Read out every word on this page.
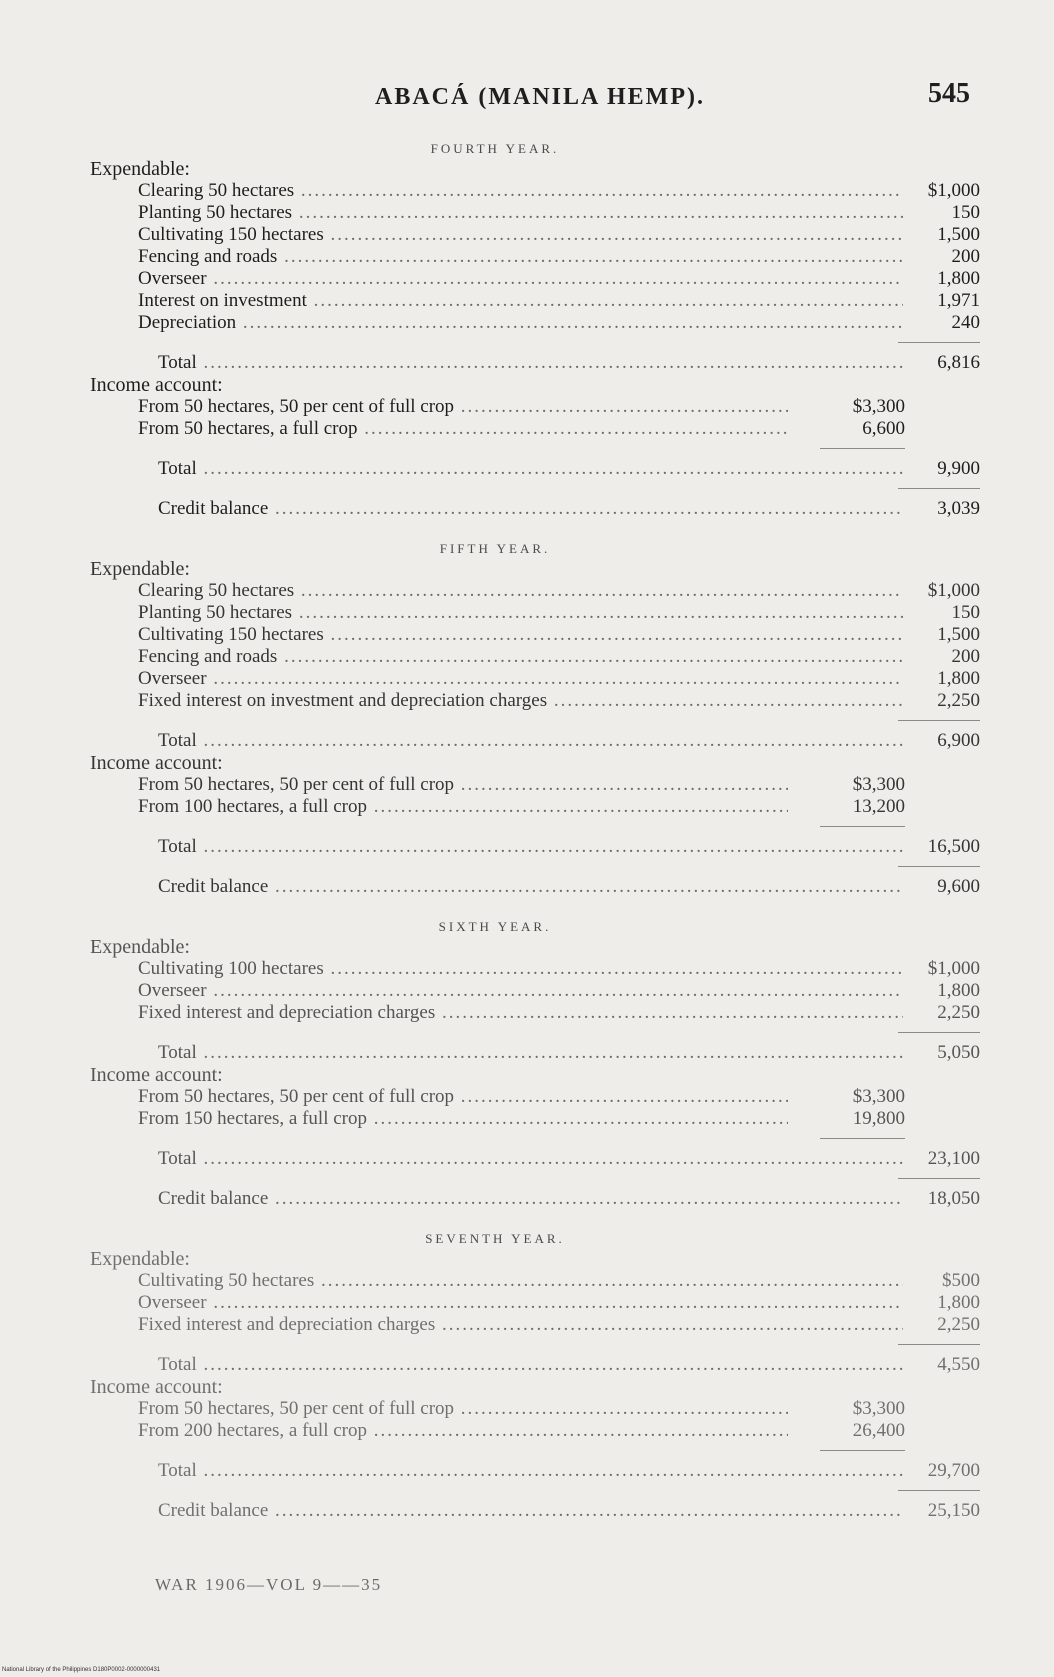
ABACÁ (MANILA HEMP).	545
FOURTH YEAR.
Expendable:
Clearing 50 hectares .....	$1,000
Planting 50 hectares .....	150
Cultivating 150 hectares .....	1,500
Fencing and roads .....	200
Overseer .....	1,800
Interest on investment .....	1,971
Depreciation .....	240
Total .....	6,816
Income account:
From 50 hectares, 50 per cent of full crop .....	$3,300
From 50 hectares, a full crop .....	6,600
Total .....	9,900
Credit balance .....	3,039
FIFTH YEAR.
Expendable:
Clearing 50 hectares .....	$1,000
Planting 50 hectares .....	150
Cultivating 150 hectares .....	1,500
Fencing and roads .....	200
Overseer .....	1,800
Fixed interest on investment and depreciation charges .....	2,250
Total .....	6,900
Income account:
From 50 hectares, 50 per cent of full crop .....	$3,300
From 100 hectares, a full crop .....	13,200
Total .....	16,500
Credit balance .....	9,600
SIXTH YEAR.
Expendable:
Cultivating 100 hectares .....	$1,000
Overseer .....	1,800
Fixed interest and depreciation charges .....	2,250
Total .....	5,050
Income account:
From 50 hectares, 50 per cent of full crop .....	$3,300
From 150 hectares, a full crop .....	19,800
Total .....	23,100
Credit balance .....	18,050
SEVENTH YEAR.
Expendable:
Cultivating 50 hectares .....	$500
Overseer .....	1,800
Fixed interest and depreciation charges .....	2,250
Total .....	4,550
Income account:
From 50 hectares, 50 per cent of full crop .....	$3,300
From 200 hectares, a full crop .....	26,400
Total .....	29,700
Credit balance .....	25,150
WAR 1906—VOL 9——35
National Library of the Philippines D180P0002-0000000431
